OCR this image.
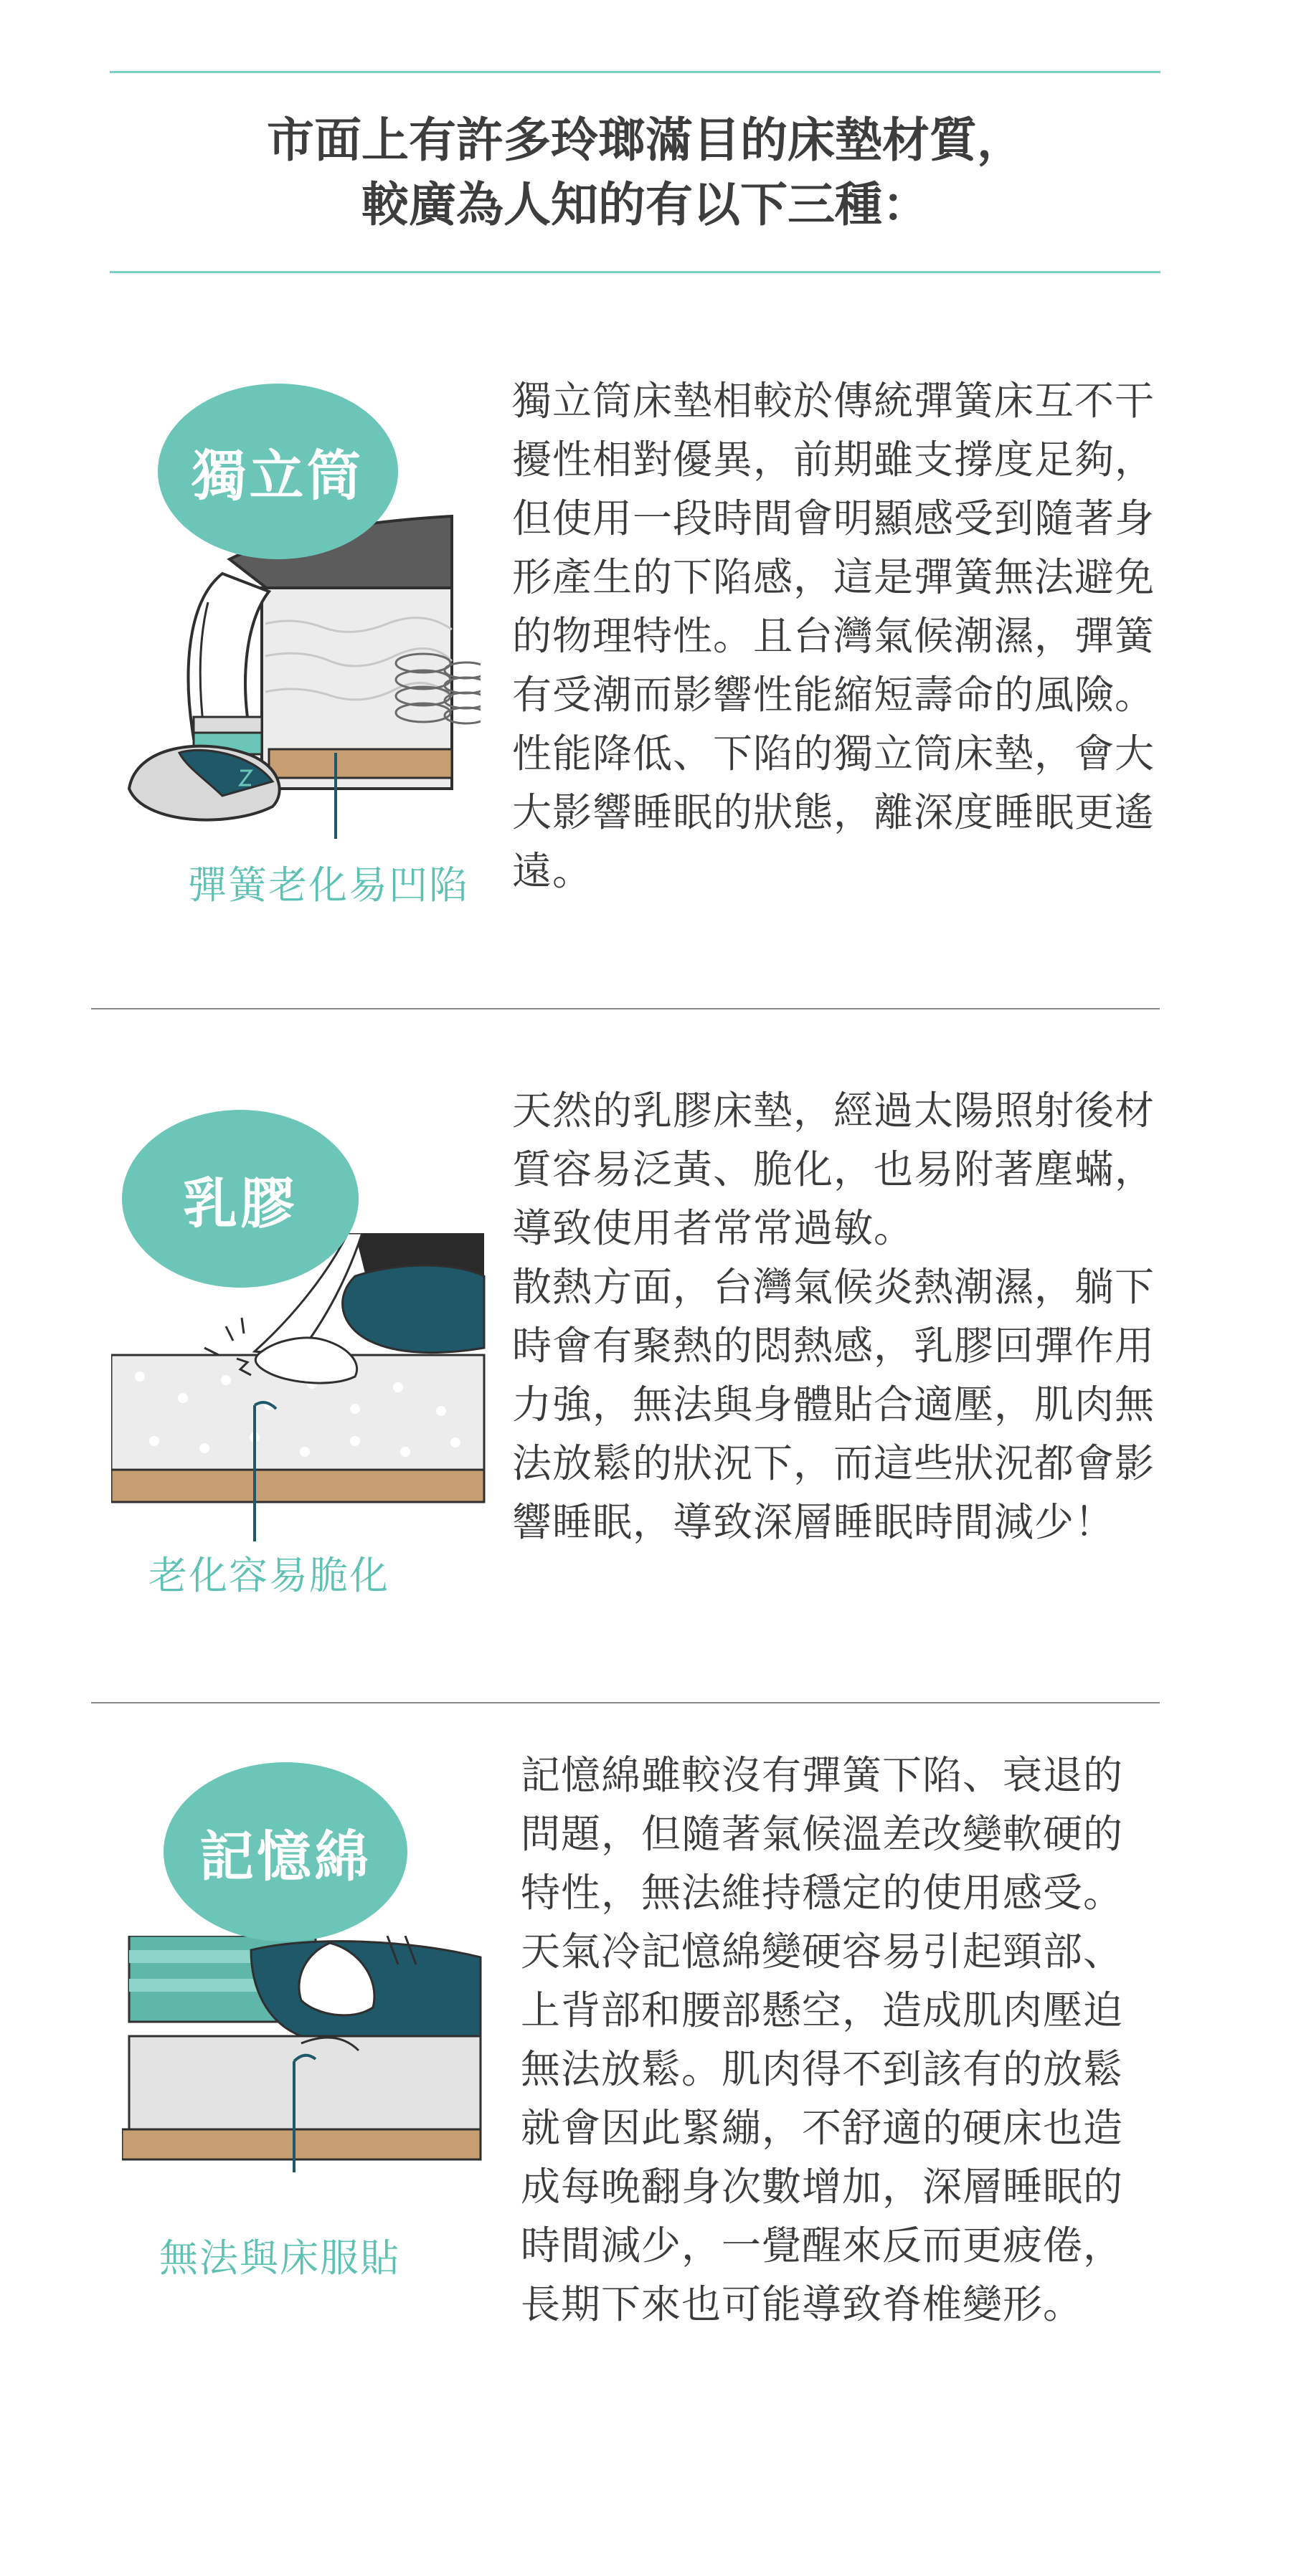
市面上有許多玲瑯滿目的床墊材質，
較廣為人知的有以下三種：
獨立筒
彈簧老化易凹陷

獨立筒床墊相較於傳統彈簧床互不干擾性相對優異，前期雖支撐度足夠，但使用一段時間會明顯感受到隨著身形產生的下陷感，這是彈簧無法避免的物理特性。且台灣氣候潮濕，彈簧有受潮而影響性能縮短壽命的風險。

性能降低、下陷的獨立筒床墊，會大大影響睡眠的狀態，離深度睡眠更遙遠。

乳膠
老化容易脆化

天然的乳膠床墊，經過太陽照射後材質容易泛黃、脆化，也易附著塵蟎，導致使用者常常過敏。

散熱方面，台灣氣候炎熱潮濕，躺下時會有聚熱的悶熱感，乳膠回彈作用力強，無法與身體貼合適壓，肌肉無法放鬆的狀況下，而這些狀況都會影響睡眠，導致深層睡眠時間減少！

記憶綿
無法與床服貼

記憶綿雖較沒有彈簧下陷、衰退的問題，但隨著氣候溫差改變軟硬的特性，無法維持穩定的使用感受。

天氣冷記憶綿變硬容易引起頸部、上背部和腰部懸空，造成肌肉壓迫無法放鬆。肌肉得不到該有的放鬆就會因此緊繃，不舒適的硬床也造成每晚翻身次數增加，深層睡眠的時間減少，一覺醒來反而更疲倦，長期下來也可能導致脊椎變形。
